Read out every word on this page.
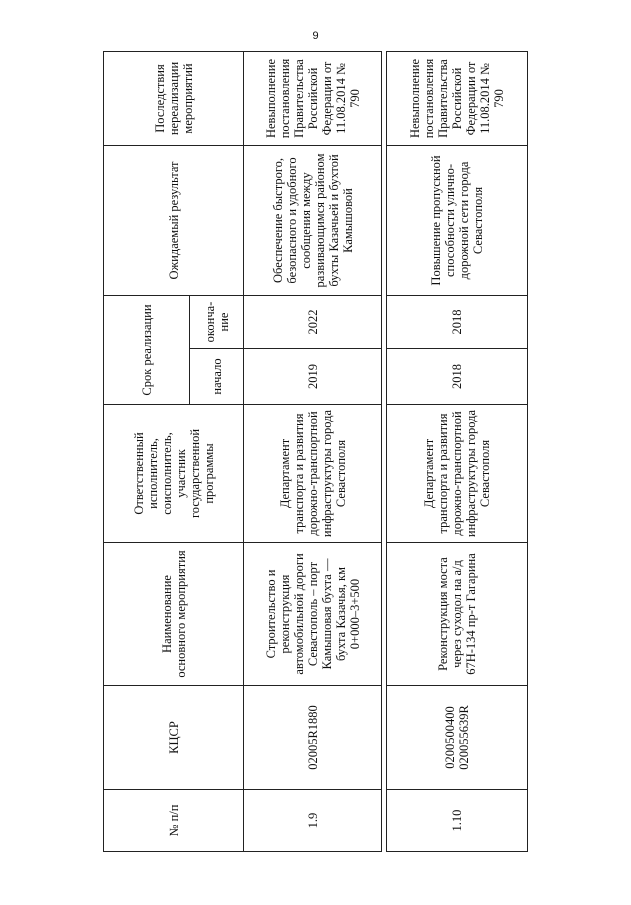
9
№ п/п	КЦСР	Наименование основного мероприятия	Ответственный исполнитель, соисполнитель, участник государственной программы	Срок реализации		Ожидаемый результат	Последствия нереализации мероприятий
				начало	оконча-ние		
1.9	02005R1880	Строительство и реконструкция автомобильной дороги Севастополь – порт Камышовая бухта — бухта Казачья, км 0+000–3+500	Департамент транспорта и развития дорожно-транспортной инфраструктуры города Севастополя	2019	2022	Обеспечение быстрого, безопасного и удобного сообщения между развивающимся районом бухты Казачьей и бухтой Камышовой	Невыполнение постановления Правительства Российской Федерации от 11.08.2014 № 790

1.10	0200500400 020055639R	Реконструкция моста через суходол на а/д 67Н-134 пр-т Гагарина	Департамент транспорта и развития дорожно-транспортной инфраструктуры города Севастополя	2018	2018	Повышение пропускной способности улично-дорожной сети города Севастополя	Невыполнение постановления Правительства Российской Федерации от 11.08.2014 № 790
